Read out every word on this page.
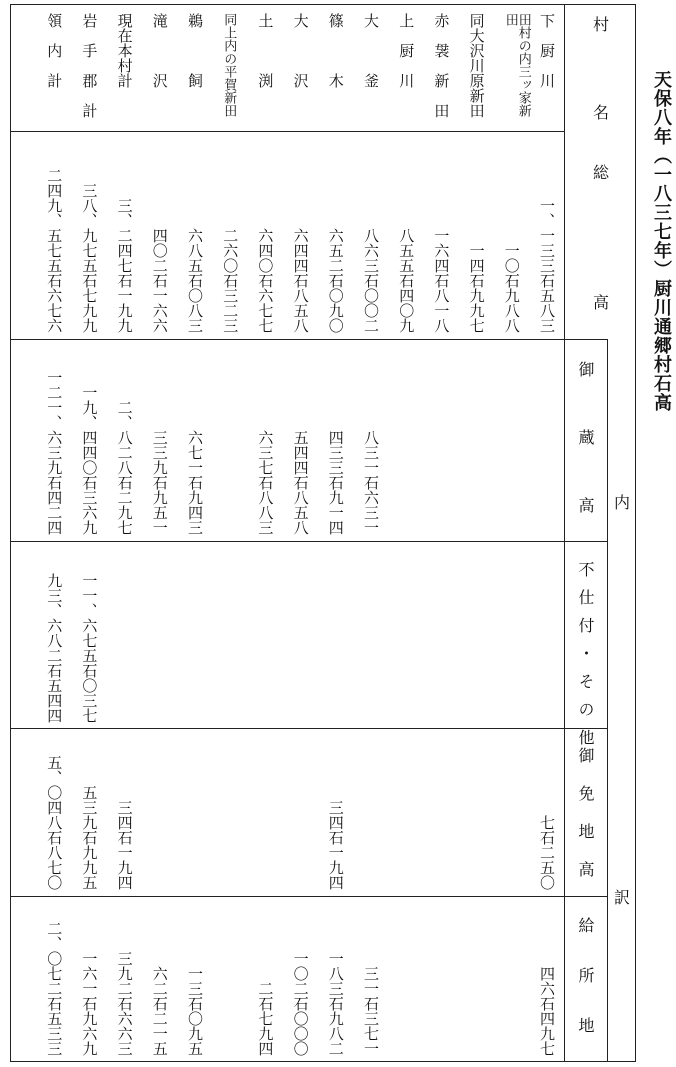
天保八年（一八三七年）厨川通郷村石高
村
名
総
高
内
訳
御蔵高
不仕付・その他
御免地高
給所地
下　厨　川
一、一三三石五八三
七石二五〇
四六石四九七
田村の内三ッ家新田
一〇石九八八
同大沢川原新田
一四石九九七
赤　袰　新　田
一六四石八一八
上　厨　川
八五五石四〇九
大　　　釜
八六三石〇〇二
八三一石六三一
三一石三七一
篠　　　木
六五二石〇九〇
四三三石九一四
三四石一九四
一八三石九八二
大　　　沢
六四四石八五八
五四四石八五八
一〇二石〇〇〇
土　　　渕
六四〇石六七七
六三七石八八三
二石七九四
同上内の平賀新田
二六〇石三二三
鵜　　　飼
六八五石〇八三
六七一石九四三
一三石〇九五
滝　　　沢
四〇二石一六六
三三九石九五一
六二石二一五
現在本村計
三、二四七石一九九
二、八二八石二九七
三四石一九四
三九二石六六三
岩　手　郡　計
三八、九七五石七九九
一九、四四〇石三六九
一一、六七五石〇三七
五三九石九九五
一六一石九六九
領　内　計
二四九、五七五石六七六
一二一、六三九石四二四
九三、六八二石五四四
五、〇四八石八七〇
二、〇七二石五三三
